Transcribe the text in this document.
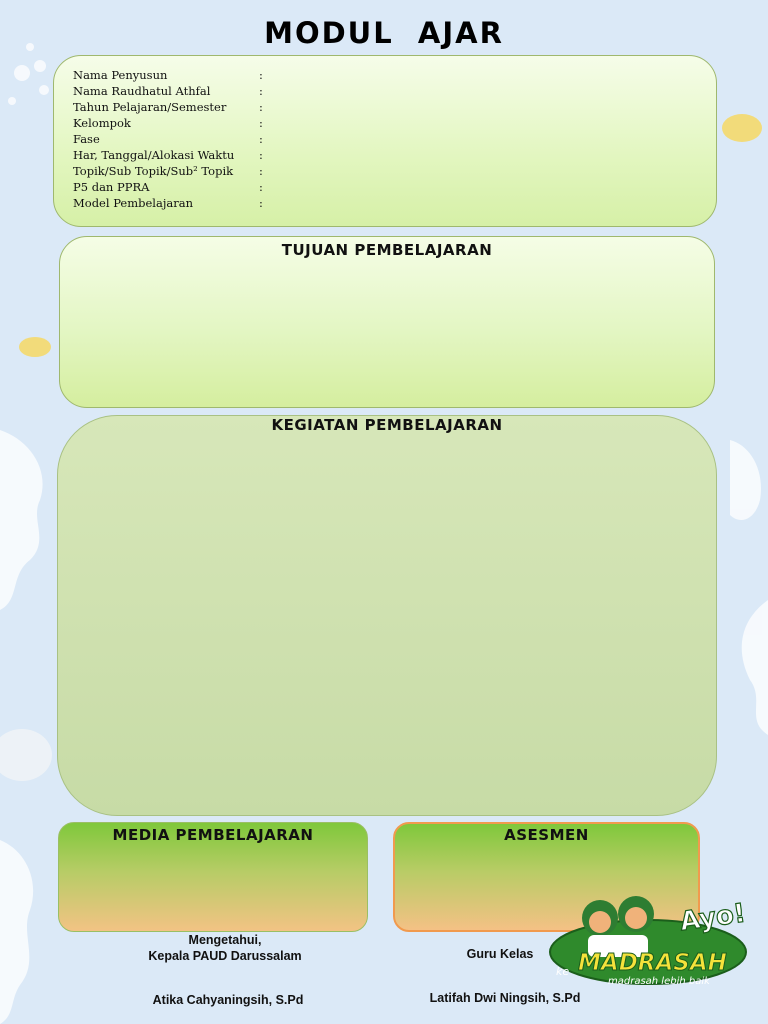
MODUL  AJAR
Nama Penyusun	:
Nama Raudhatul Athfal	:
Tahun Pelajaran/Semester	:
Kelompok	:
Fase	:
Har, Tanggal/Alokasi Waktu :
Topik/Sub Topik/Sub² Topik :
P5 dan PPRA	:
Model Pembelajaran	:
TUJUAN PEMBELAJARAN
KEGIATAN PEMBELAJARAN
MEDIA PEMBELAJARAN	ASESMEN
Mengetahui,
Kepala PAUD Darussalam
Atika Cahyaningsih, S.Pd
Guru Kelas
Latifah Dwi Ningsih, S.Pd
Ayo!
ke MADRASAH
madrasah lebih baik
